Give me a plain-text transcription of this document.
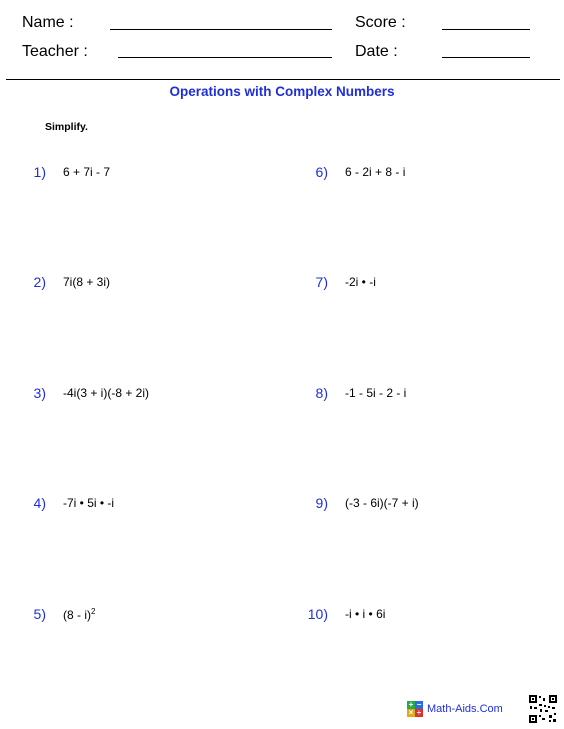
Name :
Teacher :
Score :
Date :
Operations with Complex Numbers
Simplify.
1) 6 + 7i - 7
2) 7i(8 + 3i)
3) -4i(3 + i)(-8 + 2i)
4) -7i • 5i • -i
5) (8 - i)$^2$
6) 6 - 2i + 8 - i
7) -2i • -i
8) -1 - 5i - 2 - i
9) (-3 - 6i)(-7 + i)
10) -i • i • 6i
+ −
× ÷ Math-Aids.Com
